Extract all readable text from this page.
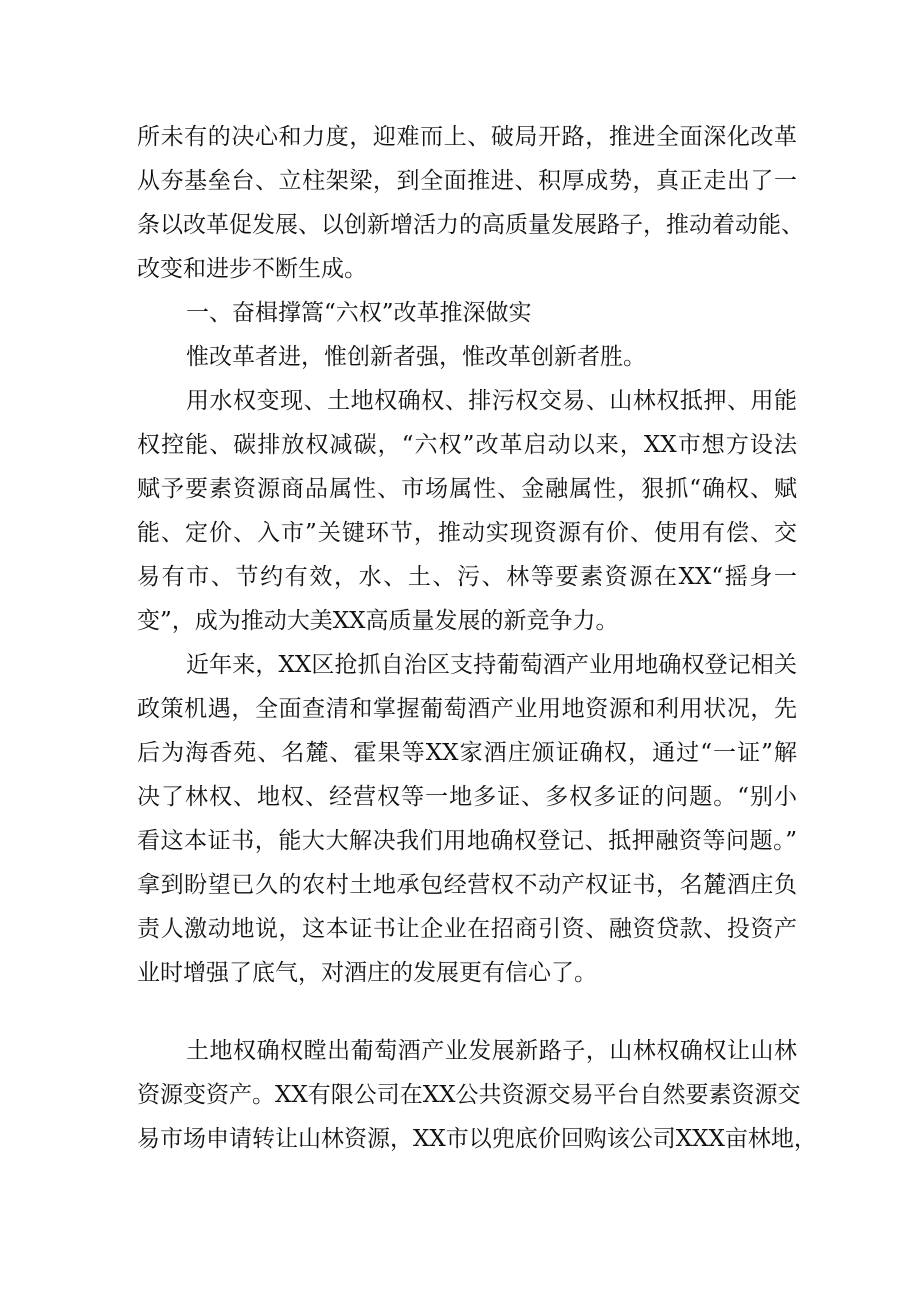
所未有的决心和力度，迎难而上、破局开路，推进全面深化改革
从夯基垒台、立柱架梁，到全面推进、积厚成势，真正走出了一
条以改革促发展、以创新增活力的高质量发展路子，推动着动能、
改变和进步不断生成。
一、奋楫撑篙“六权”改革推深做实
惟改革者进，惟创新者强，惟改革创新者胜。
用水权变现、土地权确权、排污权交易、山林权抵押、用能
权控能、碳排放权减碳，“六权”改革启动以来，XX市想方设法
赋予要素资源商品属性、市场属性、金融属性，狠抓“确权、赋
能、定价、入市”关键环节，推动实现资源有价、使用有偿、交
易有市、节约有效，水、土、污、林等要素资源在XX“摇身一
变”，成为推动大美XX高质量发展的新竞争力。
近年来，XX区抢抓自治区支持葡萄酒产业用地确权登记相关
政策机遇，全面查清和掌握葡萄酒产业用地资源和利用状况，先
后为海香苑、名麓、霍果等XX家酒庄颁证确权，通过“一证”解
决了林权、地权、经营权等一地多证、多权多证的问题。“别小
看这本证书，能大大解决我们用地确权登记、抵押融资等问题。”
拿到盼望已久的农村土地承包经营权不动产权证书，名麓酒庄负
责人激动地说，这本证书让企业在招商引资、融资贷款、投资产
业时增强了底气，对酒庄的发展更有信心了。
土地权确权瞠出葡萄酒产业发展新路子，山林权确权让山林
资源变资产。XX有限公司在XX公共资源交易平台自然要素资源交
易市场申请转让山林资源，XX市以兜底价回购该公司XXX亩林地，
